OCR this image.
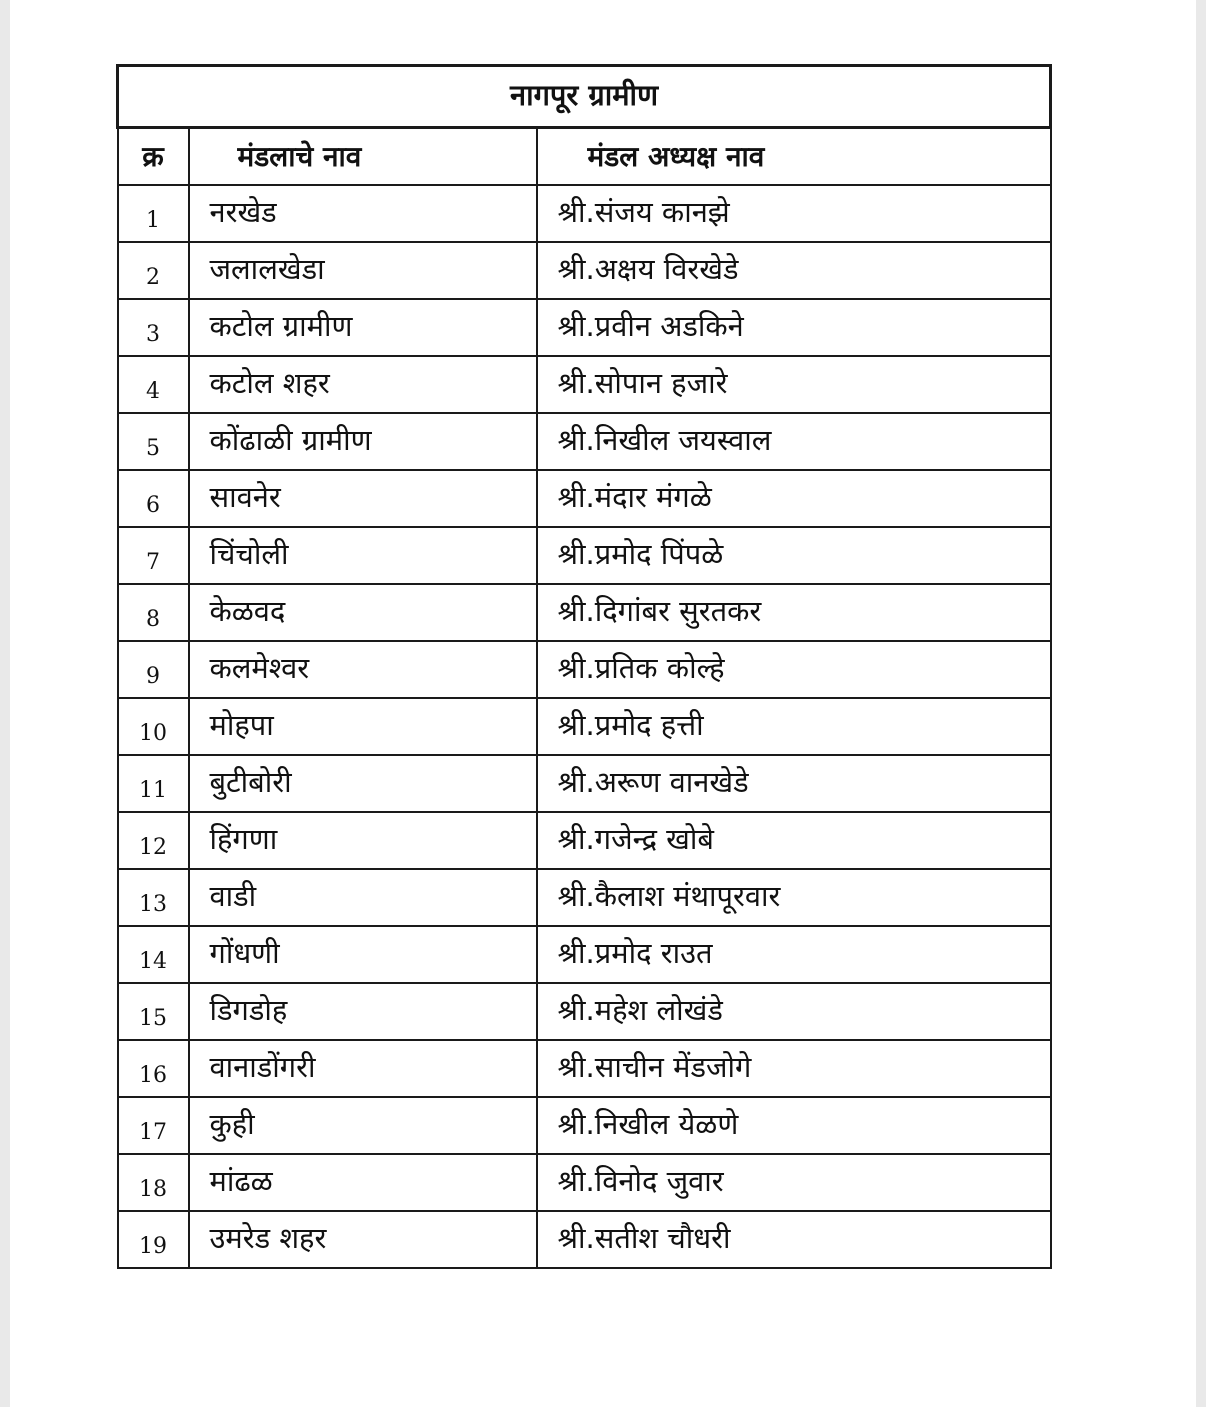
नागपूर ग्रामीण		
क्र	मंडलाचे नाव	मंडल अध्यक्ष नाव
1	नरखेड	श्री.संजय कानझे
2	जलालखेडा	श्री.अक्षय विरखेडे
3	कटोल ग्रामीण	श्री.प्रवीन अडकिने
4	कटोल शहर	श्री.सोपान हजारे
5	कोंढाळी ग्रामीण	श्री.निखील जयस्वाल
6	सावनेर	श्री.मंदार मंगळे
7	चिंचोली	श्री.प्रमोद पिंपळे
8	केळवद	श्री.दिगांबर सुरतकर
9	कलमेश्वर	श्री.प्रतिक कोल्हे
10	मोहपा	श्री.प्रमोद हत्ती
11	बुटीबोरी	श्री.अरूण वानखेडे
12	हिंगणा	श्री.गजेन्द्र खोबे
13	वाडी	श्री.कैलाश मंथापूरवार
14	गोंधणी	श्री.प्रमोद राउत
15	डिगडोह	श्री.महेश लोखंडे
16	वानाडोंगरी	श्री.साचीन मेंडजोगे
17	कुही	श्री.निखील येळणे
18	मांढळ	श्री.विनोद जुवार
19	उमरेड शहर	श्री.सतीश चौधरी
